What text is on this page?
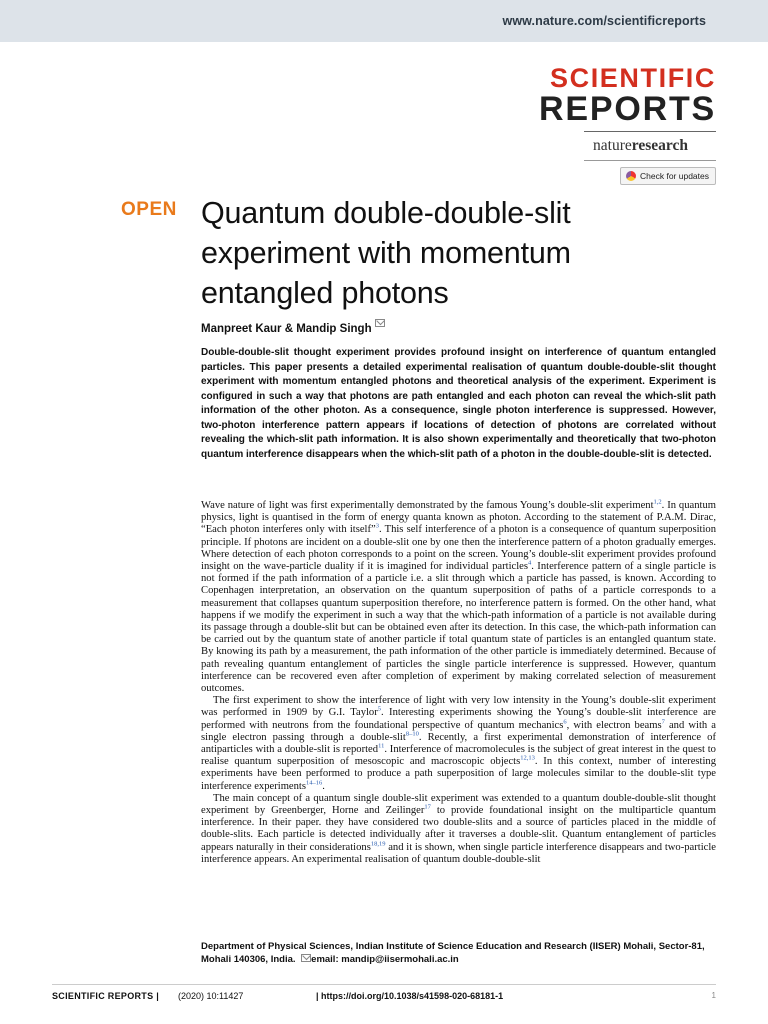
www.nature.com/scientificreports
SCIENTIFIC
REPORTS
natureresearch
Check for updates
OPEN Quantum double-double-slit experiment with momentum entangled photons
Manpreet Kaur & Mandip Singh
Double-double-slit thought experiment provides profound insight on interference of quantum entangled particles. This paper presents a detailed experimental realisation of quantum double-double-slit thought experiment with momentum entangled photons and theoretical analysis of the experiment. Experiment is configured in such a way that photons are path entangled and each photon can reveal the which-slit path information of the other photon. As a consequence, single photon interference is suppressed. However, two-photon interference pattern appears if locations of detection of photons are correlated without revealing the which-slit path information. It is also shown experimentally and theoretically that two-photon quantum interference disappears when the which-slit path of a photon in the double-double-slit is detected.

Wave nature of light was first experimentally demonstrated by the famous Young’s double-slit experiment$^{1,2}$. In quantum physics, light is quantised in the form of energy quanta known as photon. According to the statement of P.A.M. Dirac, “Each photon interferes only with itself”$^3$. This self interference of a photon is a consequence of quantum superposition principle. If photons are incident on a double-slit one by one then the interference pattern of a photon gradually emerges. Where detection of each photon corresponds to a point on the screen. Young’s double-slit experiment provides profound insight on the wave-particle duality if it is imagined for individual particles$^4$. Interference pattern of a single particle is not formed if the path information of a particle i.e. a slit through which a particle has passed, is known. According to Copenhagen interpretation, an observation on the quantum superposition of paths of a particle corresponds to a measurement that collapses quantum superposition therefore, no interference pattern is formed. On the other hand, what happens if we modify the experiment in such a way that the which-path information of a particle is not available during its passage through a double-slit but can be obtained even after its detection. In this case, the which-path information can be carried out by the quantum state of another particle if total quantum state of particles is an entangled quantum state. By knowing its path by a measurement, the path information of the other particle is immediately determined. Because of path revealing quantum entanglement of particles the single particle interference is suppressed. However, quantum interference can be recovered even after completion of experiment by making correlated selection of measurement outcomes.

The first experiment to show the interference of light with very low intensity in the Young’s double-slit experiment was performed in 1909 by G.I. Taylor$^5$. Interesting experiments showing the Young’s double-slit interference are performed with neutrons from the foundational perspective of quantum mechanics$^6$, with electron beams$^7$ and with a single electron passing through a double-slit$^{8-10}$. Recently, a first experimental demonstration of interference of antiparticles with a double-slit is reported$^{11}$. Interference of macromolecules is the subject of great interest in the quest to realise quantum superposition of mesoscopic and macroscopic objects$^{12,13}$. In this context, number of interesting experiments have been performed to produce a path superposition of large molecules similar to the double-slit type interference experiments$^{14-16}$.

The main concept of a quantum single double-slit experiment was extended to a quantum double-double-slit thought experiment by Greenberger, Horne and Zeilinger$^{17}$ to provide foundational insight on the multiparticle quantum interference. In their paper. they have considered two double-slits and a source of particles placed in the middle of double-slits. Each particle is detected individually after it traverses a double-slit. Quantum entanglement of particles appears naturally in their considerations$^{18,19}$ and it is shown, when single particle interference disappears and two-particle interference appears. An experimental realisation of quantum double-double-slit

Department of Physical Sciences, Indian Institute of Science Education and Research (IISER) Mohali, Sector-81,
Mohali 140306, India. email: mandip@iisermohali.ac.in
SCIENTIFIC REPORTS | (2020) 10:11427	| https://doi.org/10.1038/s41598-020-68181-1	1
